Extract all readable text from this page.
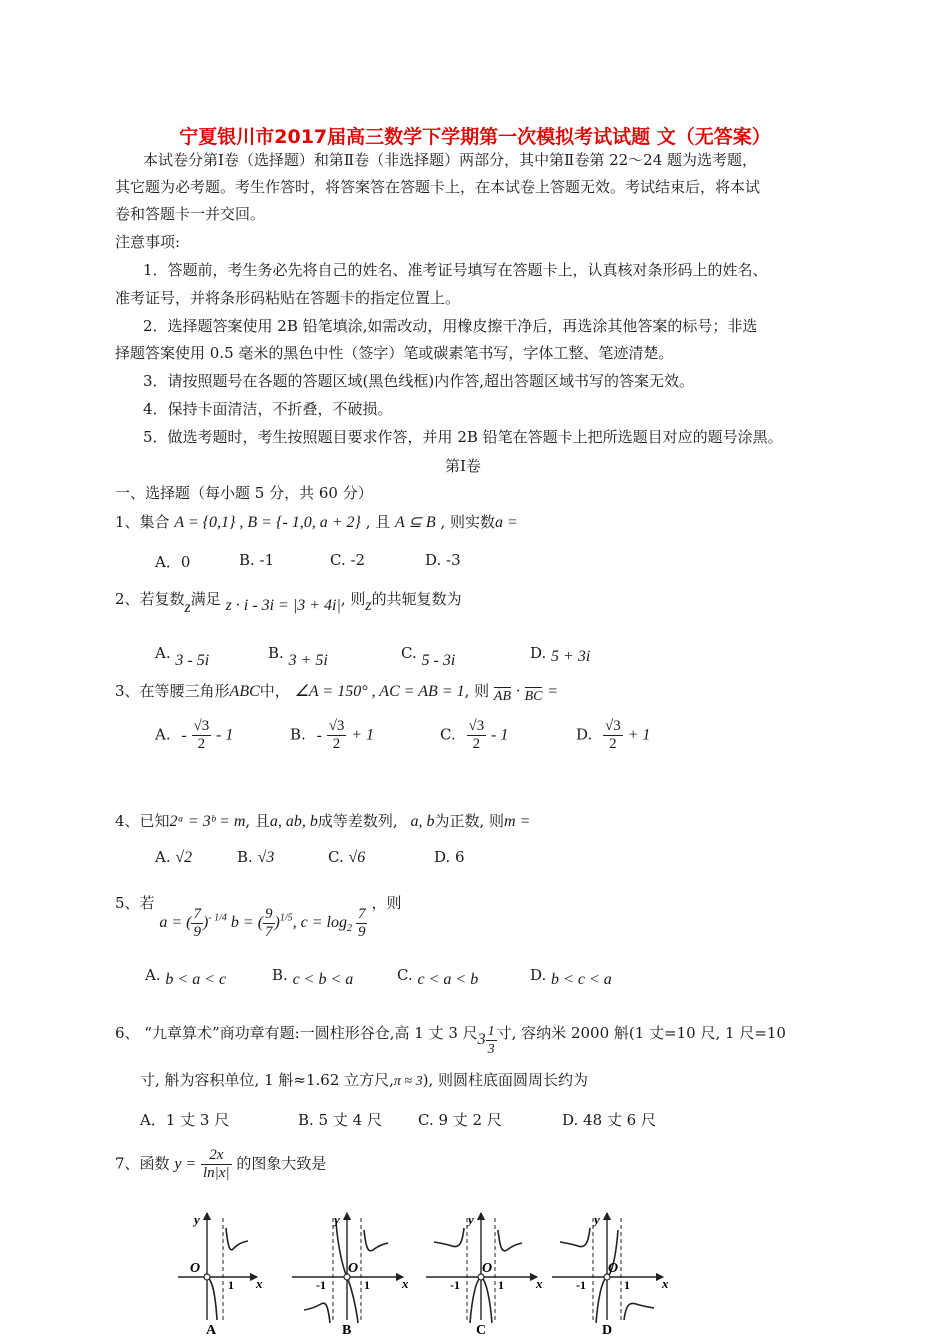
宁夏银川市2017届高三数学下学期第一次模拟考试试题 文（无答案）
本试卷分第Ⅰ卷（选择题）和第Ⅱ卷（非选择题）两部分，其中第Ⅱ卷第 22～24 题为选考题，
其它题为必考题。考生作答时，将答案答在答题卡上，在本试卷上答题无效。考试结束后，将本试
卷和答题卡一并交回。
注意事项:
1．答题前，考生务必先将自己的姓名、准考证号填写在答题卡上，认真核对条形码上的姓名、
准考证号，并将条形码粘贴在答题卡的指定位置上。
2．选择题答案使用 2B 铅笔填涂,如需改动，用橡皮擦干净后，再选涂其他答案的标号；非选
择题答案使用 0.5 毫米的黑色中性（签字）笔或碳素笔书写，字体工整、笔迹清楚。
3．请按照题号在各题的答题区域(黑色线框)内作答,超出答题区域书写的答案无效。
4．保持卡面清洁，不折叠，不破损。
5．做选考题时，考生按照题目要求作答，并用 2B 铅笔在答题卡上把所选题目对应的题号涂黑。
第Ⅰ卷
一、选择题（每小题 5 分，共 60 分）
1、集合 A = {0,1} , B = {- 1,0, a + 2} , 且 A ⊆ B , 则实数a =
A．0	B. -1	C. -2	D. -3
2、若复数z满足 z · i - 3i = |3 + 4i|, 则z的共轭复数为
A. 3 - 5i	B. 3 + 5i	C. 5 - 3i	D. 5 + 3i
3、在等腰三角形ABC中， ∠A = 150° , AC = AB = 1, 则 AB · BC =
A. - $\frac{√3}{2} - 1$	B. - $\frac{√3}{2} + 1$	C. $\frac{√3}{2} - 1$	D. $\frac{√3}{2} + 1$
4、已知2ᵃ = 3ᵇ = m, 且a, ab, b成等差数列, a, b为正数, 则m =
A. √2	B. √3	C. √6	D. 6
5、若 a = ( $\frac{7}{9} )^{- 1/4}$ b = ( $\frac{9}{7} )^{1/5}$, $c = \log_2 \frac{7}{9}$
，则
A. b < a < c	B. c < b < a	C. c < a < b	D. b < c < a
6、 “九章算术”商功章有题:一圆柱形谷仓,高 1 丈 3 尺$3 \frac{1}{3}$ 寸, 容纳米 2000 斛(1 丈=10 尺, 1 尺=10
寸, 斛为容积单位, 1 斛≈1.62 立方尺,π ≈ 3), 则圆柱底面圆周长约为
A．1 丈 3 尺	B. 5 丈 4 尺 C. 9 丈 2 尺	D. 48 丈 6 尺
7、函数 $y = \frac{2x}{\ln|x|}$ 的图象大致是
y
x
O
1
A
y
x
O
1
-1
B
y
x
O
1
-1
C
y
x
O
1
-1
D
